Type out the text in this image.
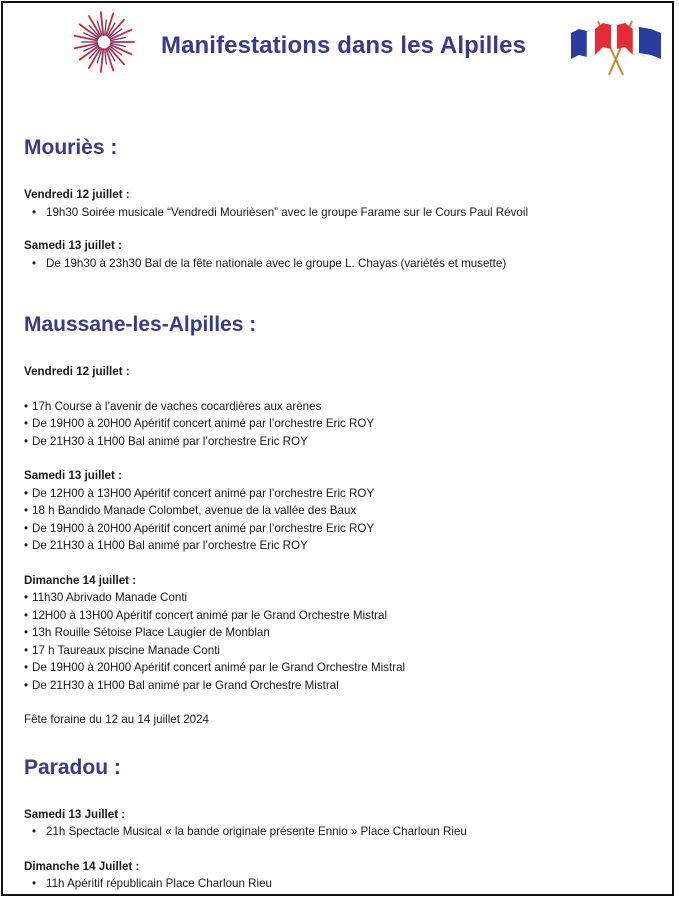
Manifestations dans les Alpilles
Mouriès :

Vendredi 12 juillet :

• 19h30 Soirée musicale “Vendredi Mourièsen” avec le groupe Farame sur le Cours Paul Révoil

Samedi 13 juillet :

• De 19h30 à 23h30 Bal de la fête nationale avec le groupe L. Chayas (variétés et musette)

Maussane-les-Alpilles :

Vendredi 12 juillet :

• 17h Course à l’avenir de vaches cocardières aux arènes

• De 19H00 à 20H00 Apéritif concert animé par l’orchestre Eric ROY

• De 21H30 à 1H00 Bal animé par l’orchestre Eric ROY

Samedi 13 juillet :

• De 12H00 à 13H00 Apéritif concert animé par l’orchestre Eric ROY

• 18 h Bandido Manade Colombet, avenue de la vallée des Baux

• De 19H00 à 20H00 Apéritif concert animé par l’orchestre Eric ROY

• De 21H30 à 1H00 Bal animé par l’orchestre Eric ROY

Dimanche 14 juillet :

• 11h30 Abrivado Manade Conti

• 12H00 à 13H00 Apéritif concert animé par le Grand Orchestre Mistral

• 13h Rouille Sétoise Place Laugier de Monblan

• 17 h Taureaux piscine Manade Conti

• De 19H00 à 20H00 Apéritif concert animé par le Grand Orchestre Mistral

• De 21H30 à 1H00 Bal animé par le Grand Orchestre Mistral

Fête foraine du 12 au 14 juillet 2024

Paradou :

Samedi 13 Juillet :

• 21h Spectacle Musical « la bande originale présente Ennio » Place Charloun Rieu

Dimanche 14 Juillet :

• 11h Apéritif républicain Place Charloun Rieu
